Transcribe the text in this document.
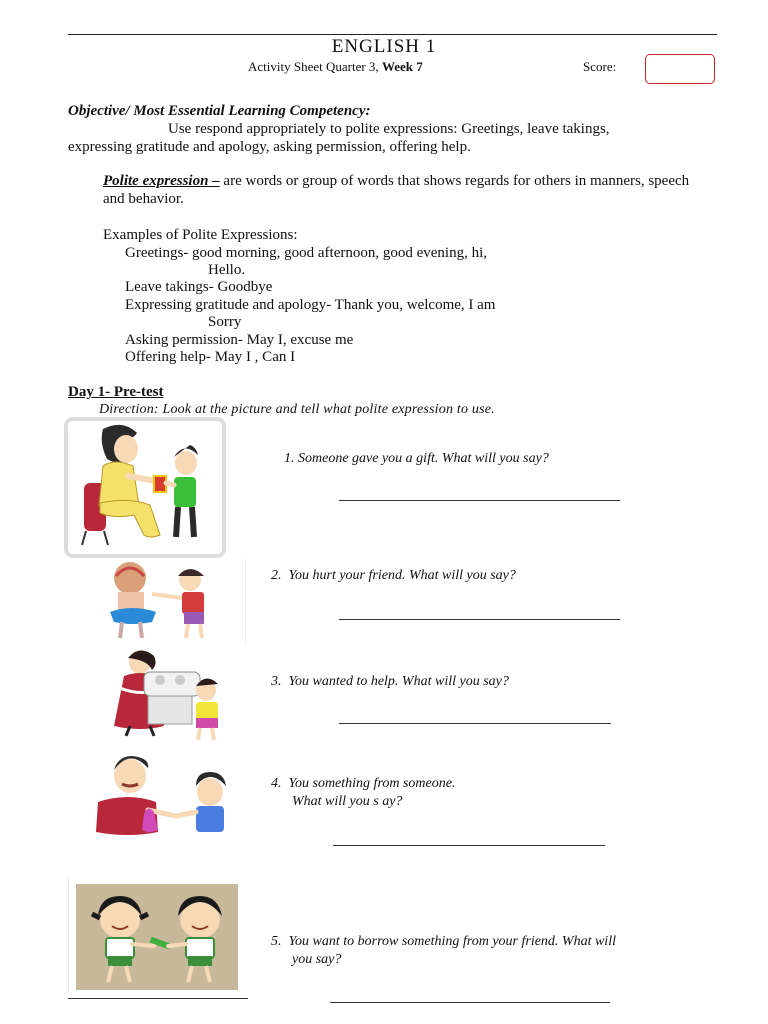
ENGLISH 1
Activity Sheet Quarter 3, Week 7	Score:
Objective/ Most Essential Learning Competency:
Use respond appropriately to polite expressions: Greetings, leave takings,
expressing gratitude and apology, asking permission, offering help.
Polite expression – are words or group of words that shows regards for others in manners, speech and behavior.
Examples of Polite Expressions:
Greetings- good morning, good afternoon, good evening, hi,
Hello.
Leave takings- Goodbye
Expressing gratitude and apology- Thank you, welcome, I am
Sorry
Asking permission- May I, excuse me
Offering help- May I , Can I
Day 1- Pre-test
Direction: Look at the picture and tell what polite expression to use.
1. Someone gave you a gift. What will you say?
2. You hurt your friend. What will you say?
3. You wanted to help. What will you say?
4. You something from someone.
What will you s ay?
5. You want to borrow something from your friend. What will
you say?
